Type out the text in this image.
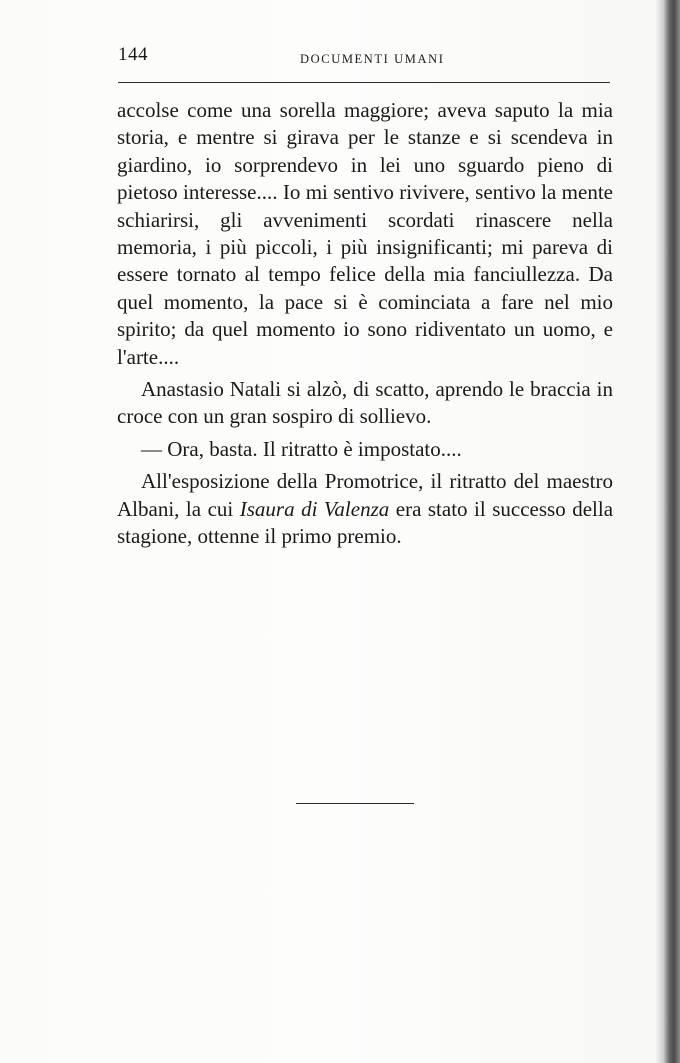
144	DOCUMENTI UMANI

accolse come una sorella maggiore; aveva saputo la mia storia, e mentre si girava per le stanze e si scendeva in giardino, io sorprendevo in lei uno sguardo pieno di pietoso interesse.... Io mi sentivo rivivere, sentivo la mente schiarirsi, gli avvenimenti scordati rinascere nella memoria, i più piccoli, i più insignificanti; mi pareva di essere tornato al tempo felice della mia fanciullezza. Da quel momento, la pace si è cominciata a fare nel mio spirito; da quel momento io sono ridiventato un uomo, e l'arte....

Anastasio Natali si alzò, di scatto, aprendo le braccia in croce con un gran sospiro di sollievo.

— Ora, basta. Il ritratto è impostato....

All'esposizione della Promotrice, il ritratto del maestro Albani, la cui Isaura di Valenza era stato il successo della stagione, ottenne il primo premio.
